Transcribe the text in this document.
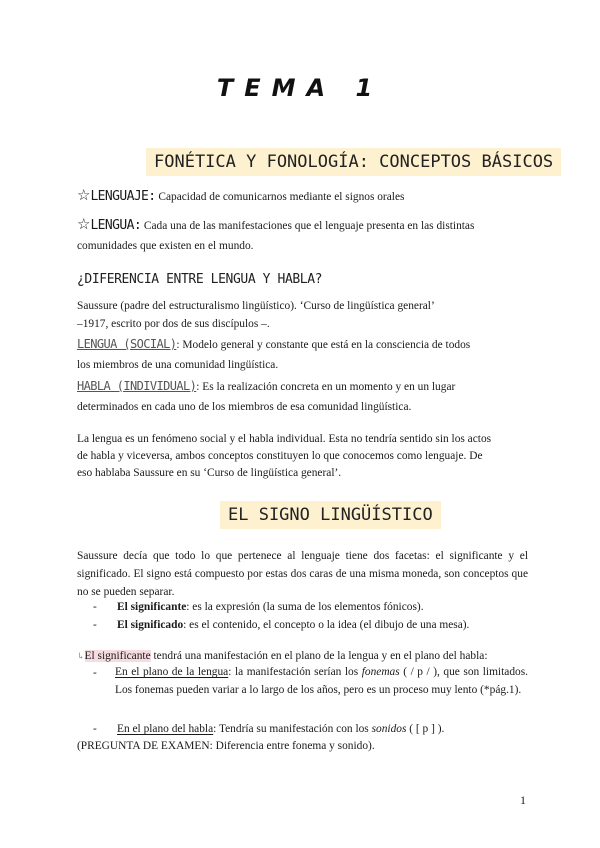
TEMA 1
FONÉTICA Y FONOLOGÍA: CONCEPTOS BÁSICOS
☆LENGUAJE: Capacidad de comunicarnos mediante el signos orales
☆LENGUA: Cada una de las manifestaciones que el lenguaje presenta en las distintas
comunidades que existen en el mundo.
¿DIFERENCIA ENTRE LENGUA Y HABLA?
Saussure (padre del estructuralismo lingüístico). ‘Curso de lingüística general’
–1917, escrito por dos de sus discípulos –.
LENGUA (SOCIAL): Modelo general y constante que está en la consciencia de todos
los miembros de una comunidad lingüística.
HABLA (INDIVIDUAL): Es la realización concreta en un momento y en un lugar
determinados en cada uno de los miembros de esa comunidad lingüística.
La lengua es un fenómeno social y el habla individual. Esta no tendría sentido sin los actos
de habla y viceversa, ambos conceptos constituyen lo que conocemos como lenguaje. De
eso hablaba Saussure en su ‘Curso de lingüística general’.
EL SIGNO LINGÜÍSTICO
Saussure decía que todo lo que pertenece al lenguaje tiene dos facetas: el significante y el significado. El signo está compuesto por estas dos caras de una misma moneda, son conceptos que no se pueden separar.
- El significante: es la expresión (la suma de los elementos fónicos).
- El significado: es el contenido, el concepto o la idea (el dibujo de una mesa).
↳El significante tendrá una manifestación en el plano de la lengua y en el plano del habla:
- En el plano de la lengua: la manifestación serían los fonemas ( / p / ), que son limitados. Los fonemas pueden variar a lo largo de los años, pero es un proceso muy lento (*pág.1).
- En el plano del habla: Tendría su manifestación con los sonidos ( [ p ] ).
(PREGUNTA DE EXAMEN: Diferencia entre fonema y sonido).
1
